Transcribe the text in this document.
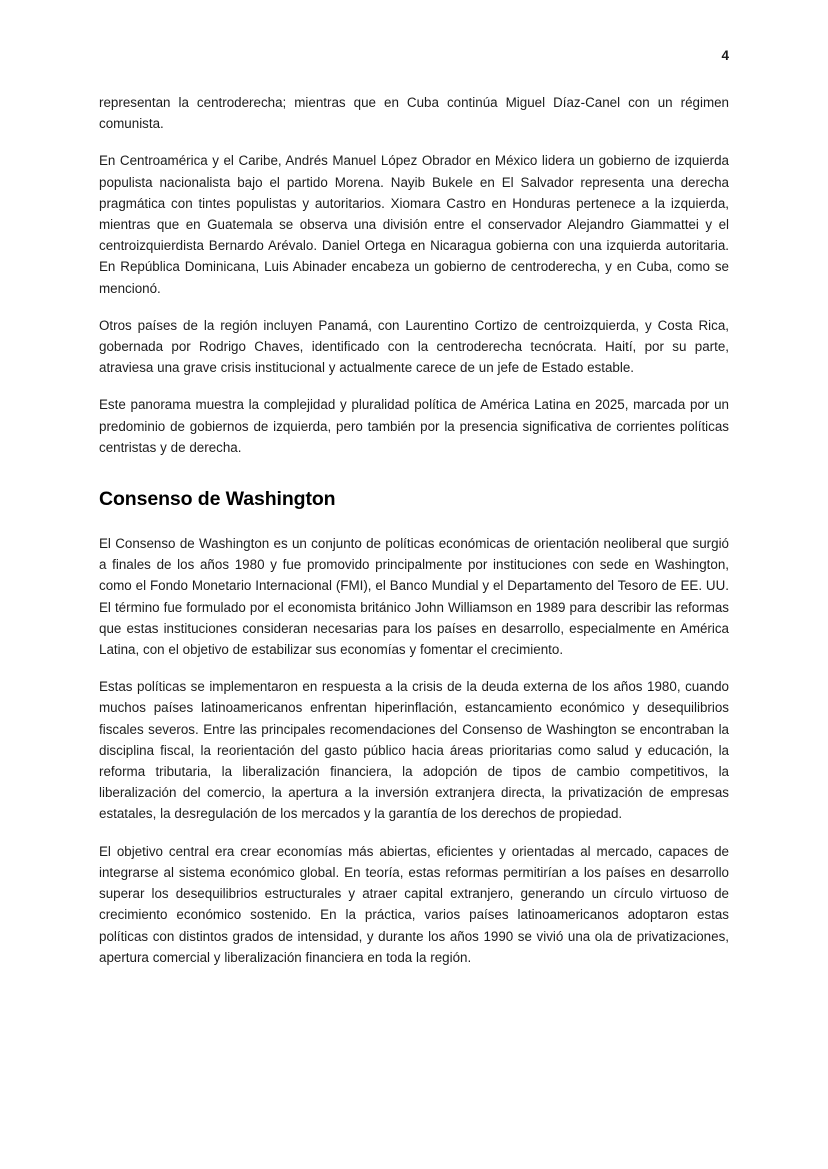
4

representan la centroderecha; mientras que en Cuba continúa Miguel Díaz-Canel con un régimen comunista.

En Centroamérica y el Caribe, Andrés Manuel López Obrador en México lidera un gobierno de izquierda populista nacionalista bajo el partido Morena. Nayib Bukele en El Salvador representa una derecha pragmática con tintes populistas y autoritarios. Xiomara Castro en Honduras pertenece a la izquierda, mientras que en Guatemala se observa una división entre el conservador Alejandro Giammattei y el centroizquierdista Bernardo Arévalo. Daniel Ortega en Nicaragua gobierna con una izquierda autoritaria. En República Dominicana, Luis Abinader encabeza un gobierno de centroderecha, y en Cuba, como se mencionó.

Otros países de la región incluyen Panamá, con Laurentino Cortizo de centroizquierda, y Costa Rica, gobernada por Rodrigo Chaves, identificado con la centroderecha tecnócrata. Haití, por su parte, atraviesa una grave crisis institucional y actualmente carece de un jefe de Estado estable.

Este panorama muestra la complejidad y pluralidad política de América Latina en 2025, marcada por un predominio de gobiernos de izquierda, pero también por la presencia significativa de corrientes políticas centristas y de derecha.

Consenso de Washington

El Consenso de Washington es un conjunto de políticas económicas de orientación neoliberal que surgió a finales de los años 1980 y fue promovido principalmente por instituciones con sede en Washington, como el Fondo Monetario Internacional (FMI), el Banco Mundial y el Departamento del Tesoro de EE. UU. El término fue formulado por el economista británico John Williamson en 1989 para describir las reformas que estas instituciones consideran necesarias para los países en desarrollo, especialmente en América Latina, con el objetivo de estabilizar sus economías y fomentar el crecimiento.

Estas políticas se implementaron en respuesta a la crisis de la deuda externa de los años 1980, cuando muchos países latinoamericanos enfrentan hiperinflación, estancamiento económico y desequilibrios fiscales severos. Entre las principales recomendaciones del Consenso de Washington se encontraban la disciplina fiscal, la reorientación del gasto público hacia áreas prioritarias como salud y educación, la reforma tributaria, la liberalización financiera, la adopción de tipos de cambio competitivos, la liberalización del comercio, la apertura a la inversión extranjera directa, la privatización de empresas estatales, la desregulación de los mercados y la garantía de los derechos de propiedad.

El objetivo central era crear economías más abiertas, eficientes y orientadas al mercado, capaces de integrarse al sistema económico global. En teoría, estas reformas permitirían a los países en desarrollo superar los desequilibrios estructurales y atraer capital extranjero, generando un círculo virtuoso de crecimiento económico sostenido. En la práctica, varios países latinoamericanos adoptaron estas políticas con distintos grados de intensidad, y durante los años 1990 se vivió una ola de privatizaciones, apertura comercial y liberalización financiera en toda la región.
